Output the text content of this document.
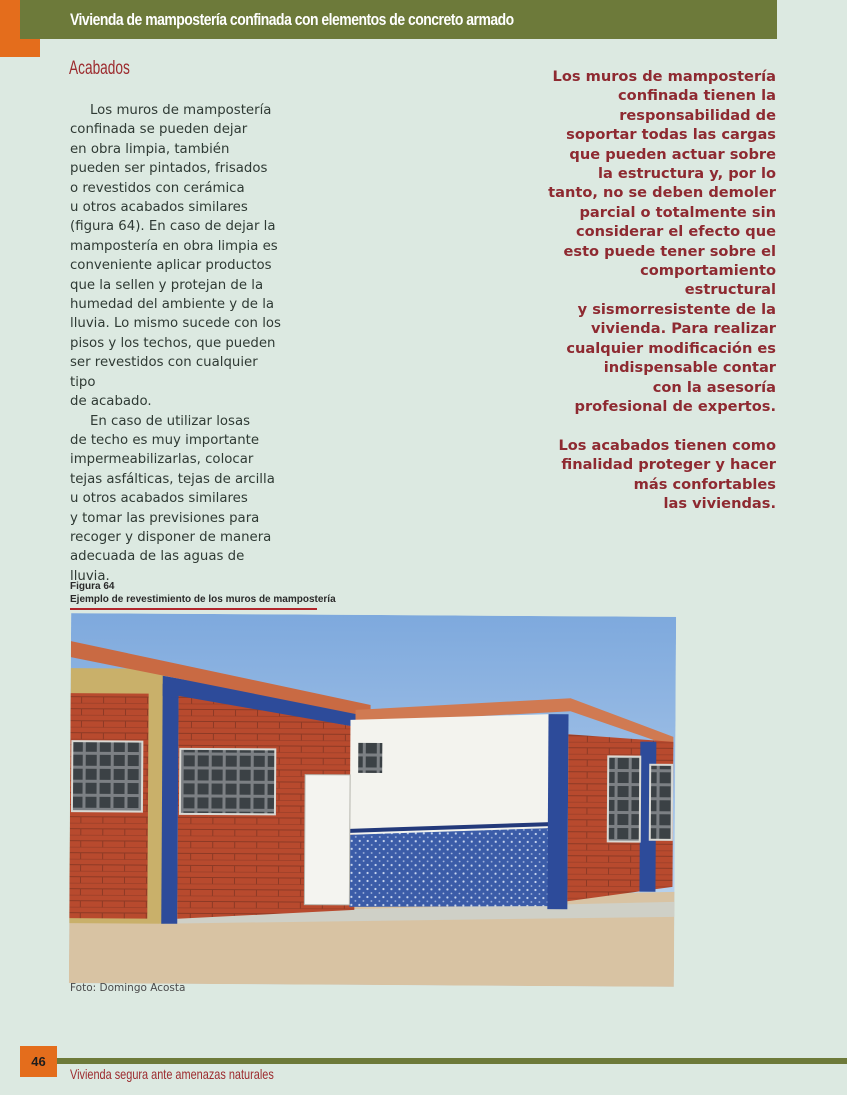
Vivienda de mampostería confinada con elementos de concreto armado
Acabados

Los muros de mampostería
confinada se pueden dejar
en obra limpia, también
pueden ser pintados, frisados
o revestidos con cerámica
u otros acabados similares
(figura 64). En caso de dejar la
mampostería en obra limpia es
conveniente aplicar productos
que la sellen y protejan de la
humedad del ambiente y de la
lluvia. Lo mismo sucede con los
pisos y los techos, que pueden
ser revestidos con cualquier tipo
de acabado.

En caso de utilizar losas
de techo es muy importante
impermeabilizarlas, colocar
tejas asfálticas, tejas de arcilla
u otros acabados similares
y tomar las previsiones para
recoger y disponer de manera
adecuada de las aguas de lluvia.

Los muros de mampostería
confinada tienen la
responsabilidad de
soportar todas las cargas
que pueden actuar sobre
la estructura y, por lo
tanto, no se deben demoler
parcial o totalmente sin
considerar el efecto que
esto puede tener sobre el
comportamiento estructural
y sismorresistente de la
vivienda. Para realizar
cualquier modificación es
indispensable contar
con la asesoría
profesional de expertos.

Los acabados tienen como
finalidad proteger y hacer
más confortables
las viviendas.

Figura 64
Ejemplo de revestimiento de los muros de mampostería
Foto: Domingo Acosta
46
Vivienda segura ante amenazas naturales
